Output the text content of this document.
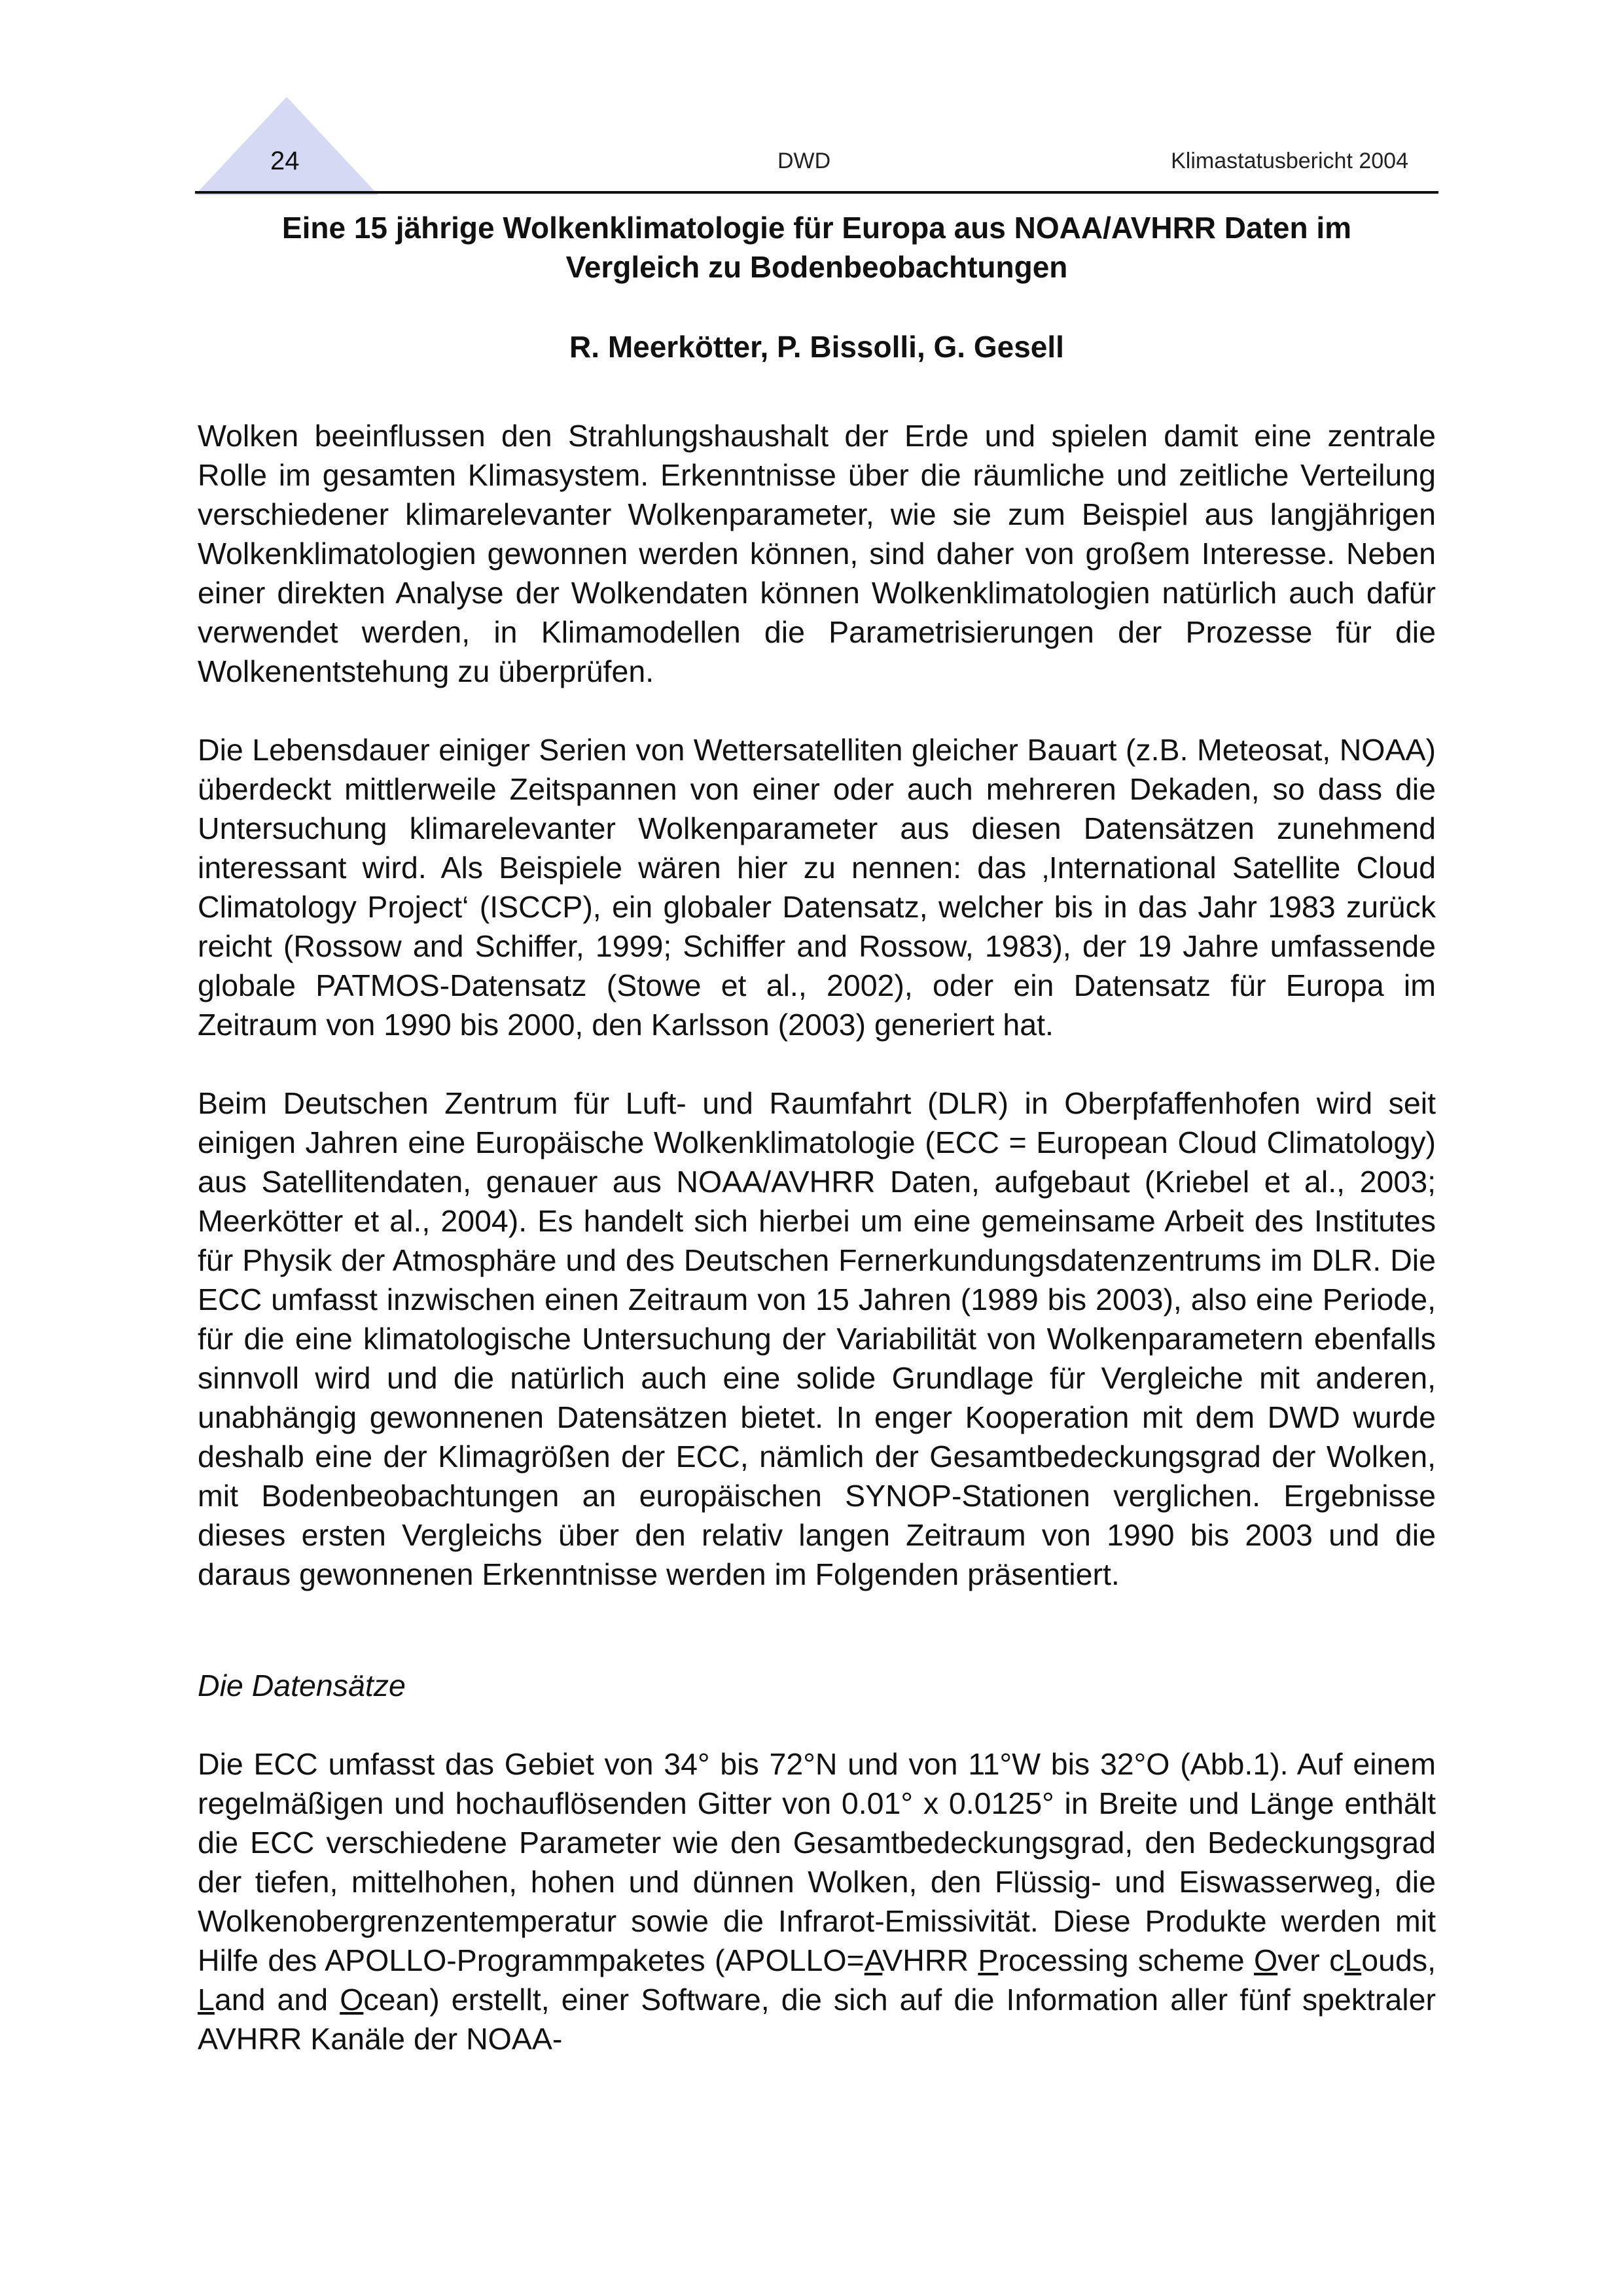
24	DWD	Klimastatusbericht 2004
Eine 15 jährige Wolkenklimatologie für Europa aus NOAA/AVHRR Daten im
Vergleich zu Bodenbeobachtungen
R. Meerkötter, P. Bissolli, G. Gesell

Wolken beeinflussen den Strahlungshaushalt der Erde und spielen damit eine zentrale Rolle im gesamten Klimasystem. Erkenntnisse über die räumliche und zeitliche Verteilung verschiedener klimarelevanter Wolkenparameter, wie sie zum Beispiel aus langjährigen Wolkenklimatologien gewonnen werden können, sind daher von großem Interesse. Neben einer direkten Analyse der Wolkendaten können Wolkenklimatologien natürlich auch dafür verwendet werden, in Klimamodellen die Parametrisierungen der Prozesse für die Wolkenentstehung zu überprüfen.

Die Lebensdauer einiger Serien von Wettersatelliten gleicher Bauart (z.B. Meteosat, NOAA) überdeckt mittlerweile Zeitspannen von einer oder auch mehreren Dekaden, so dass die Untersuchung klimarelevanter Wolkenparameter aus diesen Datensätzen zunehmend interessant wird. Als Beispiele wären hier zu nennen: das ‚International Satellite Cloud Climatology Project‘ (ISCCP), ein globaler Datensatz, welcher bis in das Jahr 1983 zurück reicht (Rossow and Schiffer, 1999; Schiffer and Rossow, 1983), der 19 Jahre umfassende globale PATMOS-Datensatz (Stowe et al., 2002), oder ein Datensatz für Europa im Zeitraum von 1990 bis 2000, den Karlsson (2003) generiert hat.

Beim Deutschen Zentrum für Luft- und Raumfahrt (DLR) in Oberpfaffenhofen wird seit einigen Jahren eine Europäische Wolkenklimatologie (ECC = European Cloud Climatology) aus Satellitendaten, genauer aus NOAA/AVHRR Daten, aufgebaut (Kriebel et al., 2003; Meerkötter et al., 2004). Es handelt sich hierbei um eine gemeinsame Arbeit des Institutes für Physik der Atmosphäre und des Deutschen Fernerkundungsdatenzentrums im DLR. Die ECC umfasst inzwischen einen Zeitraum von 15 Jahren (1989 bis 2003), also eine Periode, für die eine klimatologische Untersuchung der Variabilität von Wolkenparametern ebenfalls sinnvoll wird und die natürlich auch eine solide Grundlage für Vergleiche mit anderen, unabhängig gewonnenen Datensätzen bietet. In enger Kooperation mit dem DWD wurde deshalb eine der Klimagrößen der ECC, nämlich der Gesamtbedeckungsgrad der Wolken, mit Bodenbeobachtungen an europäischen SYNOP-Stationen verglichen. Ergebnisse dieses ersten Vergleichs über den relativ langen Zeitraum von 1990 bis 2003 und die daraus gewonnenen Erkenntnisse werden im Folgenden präsentiert.

Die Datensätze

Die ECC umfasst das Gebiet von 34° bis 72°N und von 11°W bis 32°O (Abb.1). Auf einem regelmäßigen und hochauflösenden Gitter von 0.01° x 0.0125° in Breite und Länge enthält die ECC verschiedene Parameter wie den Gesamtbedeckungsgrad, den Bedeckungsgrad der tiefen, mittelhohen, hohen und dünnen Wolken, den Flüssig- und Eiswasserweg, die Wolkenobergrenzentemperatur sowie die Infrarot-Emissivität. Diese Produkte werden mit Hilfe des APOLLO-Programmpaketes (APOLLO=AVHRR Processing scheme Over cLouds, Land and Ocean) erstellt, einer Software, die sich auf die Information aller fünf spektraler AVHRR Kanäle der NOAA-
